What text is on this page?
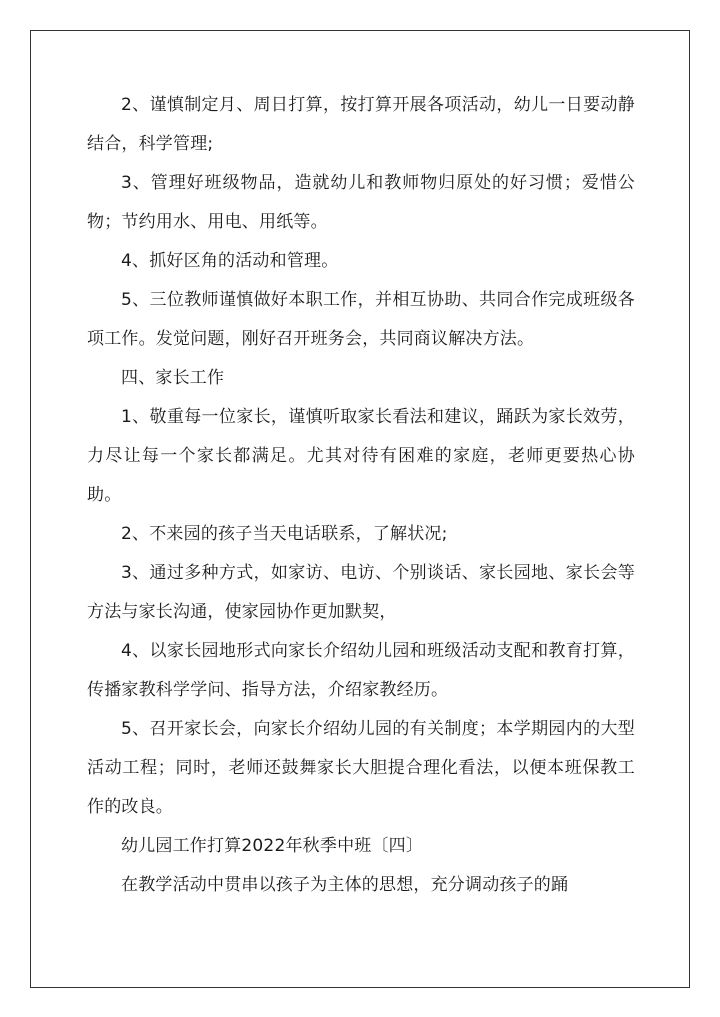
2、谨慎制定月、周日打算，按打算开展各项活动，幼儿一日要动静结合，科学管理;

3、管理好班级物品，造就幼儿和教师物归原处的好习惯；爱惜公物；节约用水、用电、用纸等。

4、抓好区角的活动和管理。

5、三位教师谨慎做好本职工作，并相互协助、共同合作完成班级各项工作。发觉问题，刚好召开班务会，共同商议解决方法。

四、家长工作

1、敬重每一位家长，谨慎听取家长看法和建议，踊跃为家长效劳，力尽让每一个家长都满足。尤其对待有困难的家庭，老师更要热心协助。

2、不来园的孩子当天电话联系，了解状况;

3、通过多种方式，如家访、电访、个别谈话、家长园地、家长会等方法与家长沟通，使家园协作更加默契，

4、以家长园地形式向家长介绍幼儿园和班级活动支配和教育打算，传播家教科学学问、指导方法，介绍家教经历。

5、召开家长会，向家长介绍幼儿园的有关制度；本学期园内的大型活动工程；同时，老师还鼓舞家长大胆提合理化看法，以便本班保教工作的改良。

幼儿园工作打算2022年秋季中班〔四〕

在教学活动中贯串以孩子为主体的思想，充分调动孩子的踊
